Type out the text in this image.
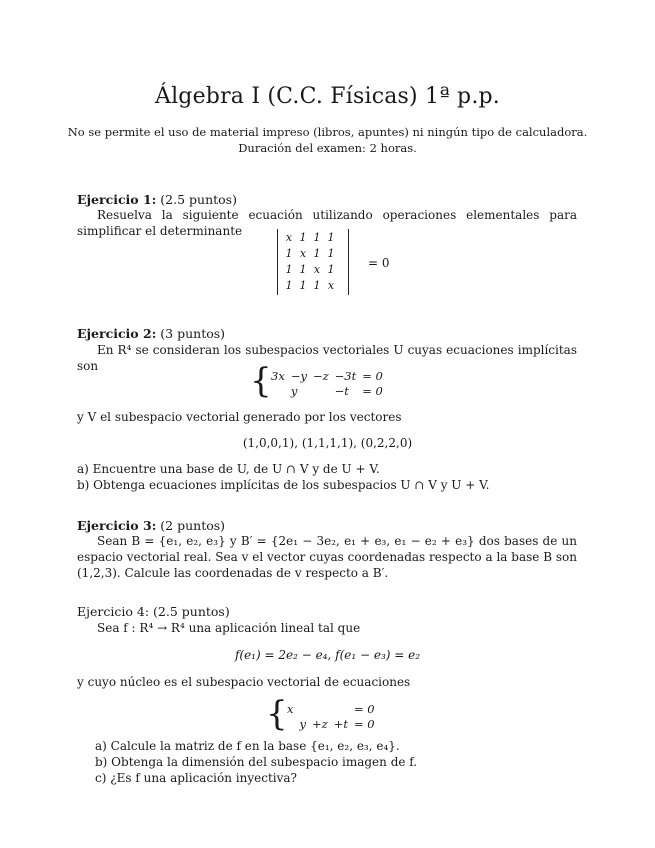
Álgebra I (C.C. Físicas) 1ª p.p.
No se permite el uso de material impreso (libros, apuntes) ni ningún tipo de calculadora.
Duración del examen: 2 horas.
Ejercicio 1: (2.5 puntos)
Resuelva la siguiente ecuación utilizando operaciones elementales para simplificar el determinante	x	1	1	1
1	x	1	1
1	1	x	1
1	1	1	x
= 0
Ejercicio 2: (3 puntos)
En R⁴ se consideran los subespacios vectoriales U cuyas ecuaciones implícitas son	{ 3x	−y	−z	−3t	= 0
	y		−t	= 0
y V el subespacio vectorial generado por los vectores
(1,0,0,1), (1,1,1,1), (0,2,2,0)
a) Encuentre una base de U, de U ∩ V y de U + V.
b) Obtenga ecuaciones implícitas de los subespacios U ∩ V y U + V.
Ejercicio 3: (2 puntos)
Sean B = {e₁, e₂, e₃} y B′ = {2e₁ − 3e₂, e₁ + e₃, e₁ − e₂ + e₃} dos bases de un espacio vectorial real. Sea v el vector cuyas coordenadas respecto a la base B son (1,2,3). Calcule las coordenadas de v respecto a B′.
Ejercicio 4: (2.5 puntos)
Sea f : R⁴ → R⁴ una aplicación lineal tal que
f(e₁) = 2e₂ − e₄, f(e₁ − e₃) = e₂
y cuyo núcleo es el subespacio vectorial de ecuaciones
{ x				= 0
	y	+z	+t	= 0
a) Calcule la matriz de f en la base {e₁, e₂, e₃, e₄}.
b) Obtenga la dimensión del subespacio imagen de f.
c) ¿Es f una aplicación inyectiva?
